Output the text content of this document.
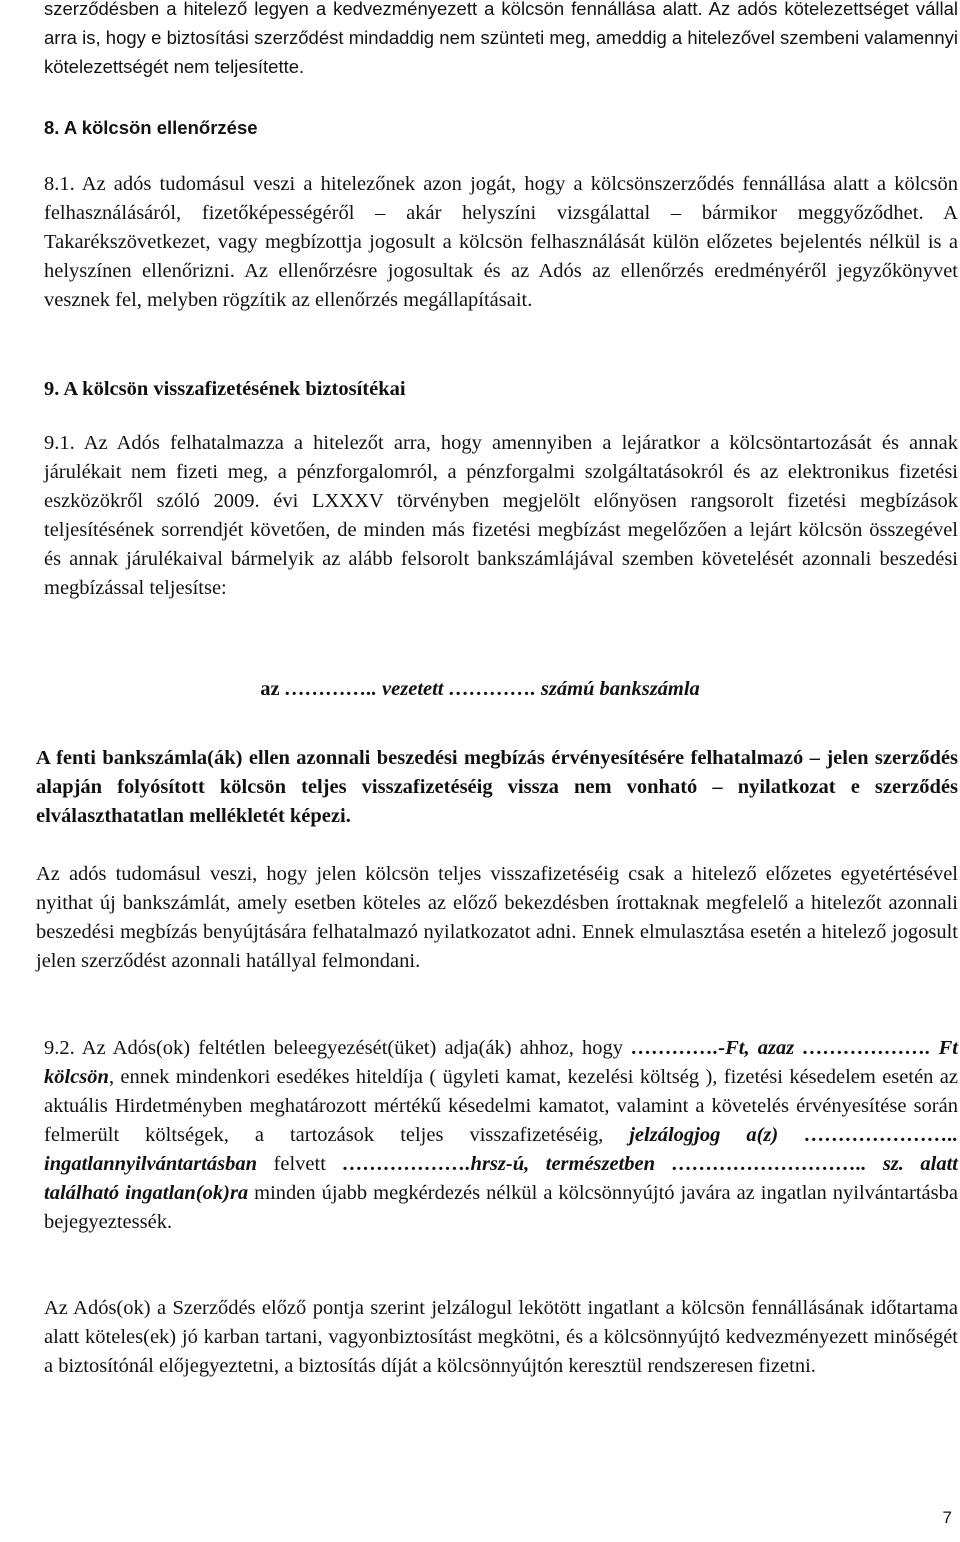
szerződésben a hitelező legyen a kedvezményezett a kölcsön fennállása alatt. Az adós kötelezettséget vállal arra is, hogy e biztosítási szerződést mindaddig nem szünteti meg, ameddig a hitelezővel szembeni valamennyi kötelezettségét nem teljesítette.
8. A kölcsön ellenőrzése
8.1. Az adós tudomásul veszi a hitelezőnek azon jogát, hogy a kölcsönszerződés fennállása alatt a kölcsön felhasználásáról, fizetőképességéről – akár helyszíni vizsgálattal – bármikor meggyőződhet. A Takarékszövetkezet, vagy megbízottja jogosult a kölcsön felhasználását külön előzetes bejelentés nélkül is a helyszínen ellenőrizni. Az ellenőrzésre jogosultak és az Adós az ellenőrzés eredményéről jegyzőkönyvet vesznek fel, melyben rögzítik az ellenőrzés megállapításait.
9. A kölcsön visszafizetésének biztosítékai
9.1. Az Adós felhatalmazza a hitelezőt arra, hogy amennyiben a lejáratkor a kölcsöntartozását és annak járulékait nem fizeti meg, a pénzforgalomról, a pénzforgalmi szolgáltatásokról és az elektronikus fizetési eszközökről szóló 2009. évi LXXXV törvényben megjelölt előnyösen rangsorolt fizetési megbízások teljesítésének sorrendjét követően, de minden más fizetési megbízást megelőzően a lejárt kölcsön összegével és annak járulékaival bármelyik az alább felsorolt bankszámlájával szemben követelését azonnali beszedési megbízással teljesítse:
az ………….. vezetett …………. számú bankszámla
A fenti bankszámla(ák) ellen azonnali beszedési megbízás érvényesítésére felhatalmazó – jelen szerződés alapján folyósított kölcsön teljes visszafizetéséig vissza nem vonható – nyilatkozat e szerződés elválaszthatatlan mellékletét képezi.
Az adós tudomásul veszi, hogy jelen kölcsön teljes visszafizetéséig csak a hitelező előzetes egyetértésével nyithat új bankszámlát, amely esetben köteles az előző bekezdésben írottaknak megfelelő a hitelezőt azonnali beszedési megbízás benyújtására felhatalmazó nyilatkozatot adni. Ennek elmulasztása esetén a hitelező jogosult jelen szerződést azonnali hatállyal felmondani.
9.2. Az Adós(ok) feltétlen beleegyezését(üket) adja(ák) ahhoz, hogy ………….-Ft, azaz ………………. Ft kölcsön, ennek mindenkori esedékes hiteldíja ( ügyleti kamat, kezelési költség ), fizetési késedelem esetén az aktuális Hirdetményben meghatározott mértékű késedelmi kamatot, valamint a követelés érvényesítése során felmerült költségek, a tartozások teljes visszafizetéséig, jelzálogjog a(z) ………………….. ingatlannyilvántartásban felvett ……………….hrsz-ú, természetben ……………………….. sz. alatt található ingatlan(ok)ra minden újabb megkérdezés nélkül a kölcsönnyújtó javára az ingatlan nyilvántartásba bejegyeztessék.
Az Adós(ok) a Szerződés előző pontja szerint jelzálogul lekötött ingatlant a kölcsön fennállásának időtartama alatt köteles(ek) jó karban tartani, vagyonbiztosítást megkötni, és a kölcsönnyújtó kedvezményezett minőségét a biztosítónál előjegyeztetni, a biztosítás díját a kölcsönnyújtón keresztül rendszeresen fizetni.
7
